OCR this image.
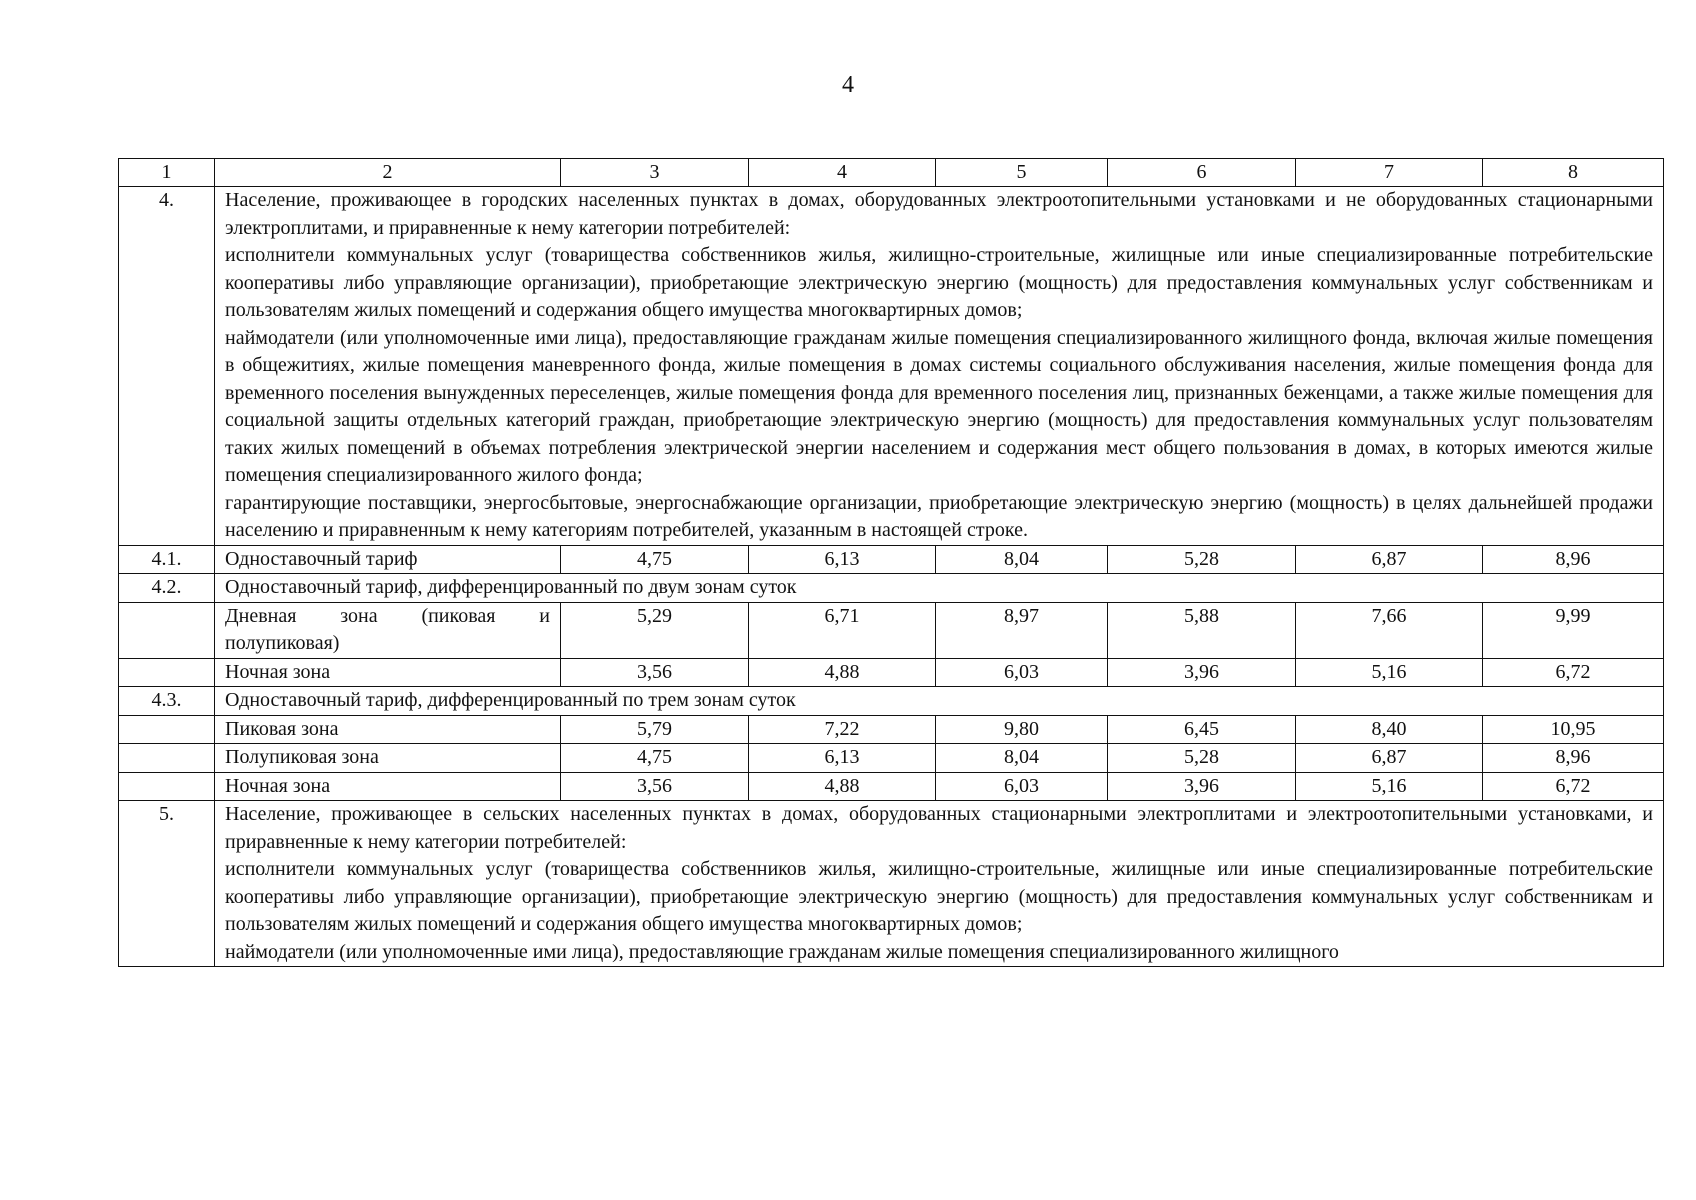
4
1	2	3	4	5	6	7	8
4.	Население, проживающее в городских населенных пунктах в домах, оборудованных электроотопительными установками и не оборудованных стационарными электроплитами, и приравненные к нему категории потребителей:
исполнители коммунальных услуг (товарищества собственников жилья, жилищно-строительные, жилищные или иные специализированные потребительские кооперативы либо управляющие организации), приобретающие электрическую энергию (мощность) для предоставления коммунальных услуг собственникам и пользователям жилых помещений и содержания общего имущества многоквартирных домов;
наймодатели (или уполномоченные ими лица), предоставляющие гражданам жилые помещения специализированного жилищного фонда, включая жилые помещения в общежитиях, жилые помещения маневренного фонда, жилые помещения в домах системы социального обслуживания населения, жилые помещения фонда для временного поселения вынужденных переселенцев, жилые помещения фонда для временного поселения лиц, признанных беженцами, а также жилые помещения для социальной защиты отдельных категорий граждан, приобретающие электрическую энергию (мощность) для предоставления коммунальных услуг пользователям таких жилых помещений в объемах потребления электрической энергии населением и содержания мест общего пользования в домах, в которых имеются жилые помещения специализированного жилого фонда;
гарантирующие поставщики, энергосбытовые, энергоснабжающие организации, приобретающие электрическую энергию (мощность) в целях дальнейшей продажи населению и приравненным к нему категориям потребителей, указанным в настоящей строке.						

4.1.	Одноставочный тариф	4,75	6,13	8,04	5,28	6,87	8,96
4.2.	Одноставочный тариф, дифференцированный по двум зонам суток						
	Дневная зона (пиковая и полупиковая)	5,29	6,71	8,97	5,88	7,66	9,99
	Ночная зона	3,56	4,88	6,03	3,96	5,16	6,72
4.3.	Одноставочный тариф, дифференцированный по трем зонам суток						
	Пиковая зона	5,79	7,22	9,80	6,45	8,40	10,95
	Полупиковая зона	4,75	6,13	8,04	5,28	6,87	8,96
	Ночная зона	3,56	4,88	6,03	3,96	5,16	6,72
5.	Население, проживающее в сельских населенных пунктах в домах, оборудованных стационарными электроплитами и электроотопительными установками, и приравненные к нему категории потребителей:
исполнители коммунальных услуг (товарищества собственников жилья, жилищно-строительные, жилищные или иные специализированные потребительские кооперативы либо управляющие организации), приобретающие электрическую энергию (мощность) для предоставления коммунальных услуг собственникам и пользователям жилых помещений и содержания общего имущества многоквартирных домов;
наймодатели (или уполномоченные ими лица), предоставляющие гражданам жилые помещения специализированного жилищного						
